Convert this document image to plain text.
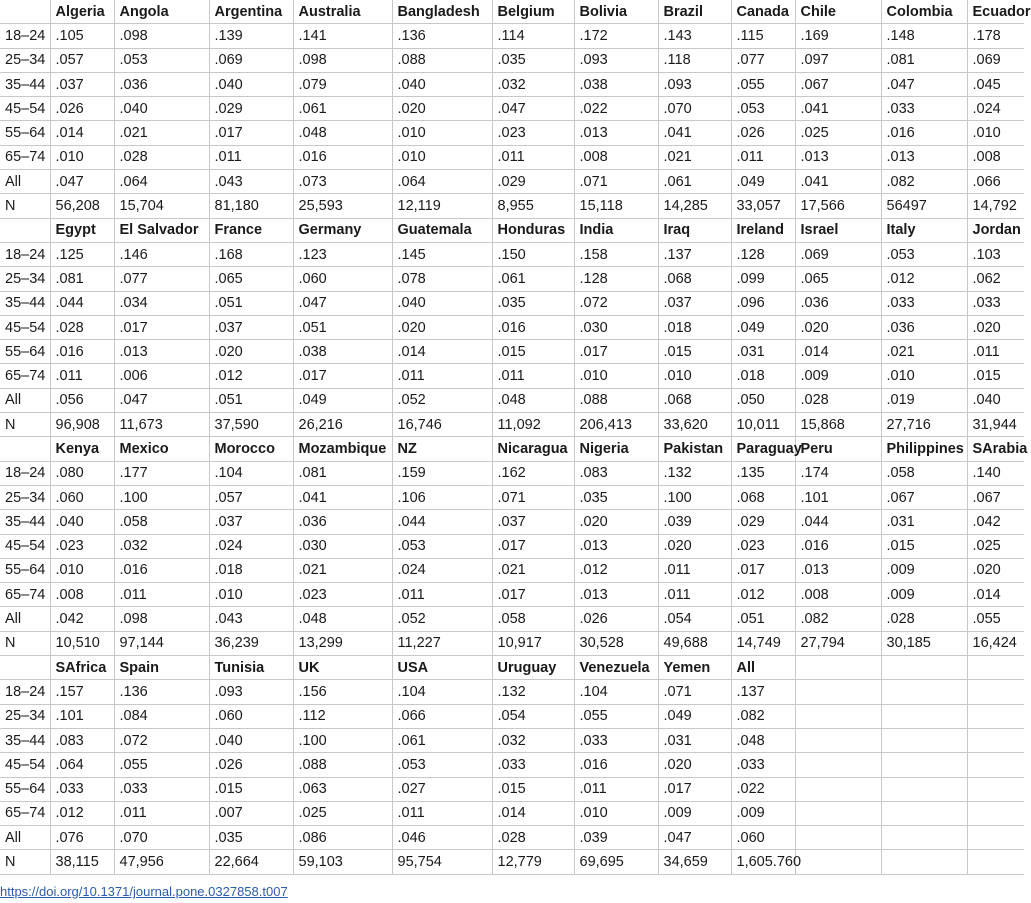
	Algeria	Angola	Argentina	Australia	Bangladesh	Belgium	Bolivia	Brazil	Canada	Chile	Colombia	Ecuador
18–24	.105	.098	.139	.141	.136	.114	.172	.143	.115	.169	.148	.178
25–34	.057	.053	.069	.098	.088	.035	.093	.118	.077	.097	.081	.069
35–44	.037	.036	.040	.079	.040	.032	.038	.093	.055	.067	.047	.045
45–54	.026	.040	.029	.061	.020	.047	.022	.070	.053	.041	.033	.024
55–64	.014	.021	.017	.048	.010	.023	.013	.041	.026	.025	.016	.010
65–74	.010	.028	.011	.016	.010	.011	.008	.021	.011	.013	.013	.008
All	.047	.064	.043	.073	.064	.029	.071	.061	.049	.041	.082	.066
N	56,208	15,704	81,180	25,593	12,119	8,955	15,118	14,285	33,057	17,566	56497	14,792
	Egypt	El Salvador	France	Germany	Guatemala	Honduras	India	Iraq	Ireland	Israel	Italy	Jordan
18–24	.125	.146	.168	.123	.145	.150	.158	.137	.128	.069	.053	.103
25–34	.081	.077	.065	.060	.078	.061	.128	.068	.099	.065	.012	.062
35–44	.044	.034	.051	.047	.040	.035	.072	.037	.096	.036	.033	.033
45–54	.028	.017	.037	.051	.020	.016	.030	.018	.049	.020	.036	.020
55–64	.016	.013	.020	.038	.014	.015	.017	.015	.031	.014	.021	.011
65–74	.011	.006	.012	.017	.011	.011	.010	.010	.018	.009	.010	.015
All	.056	.047	.051	.049	.052	.048	.088	.068	.050	.028	.019	.040
N	96,908	11,673	37,590	26,216	16,746	11,092	206,413	33,620	10,011	15,868	27,716	31,944
	Kenya	Mexico	Morocco	Mozambique	NZ	Nicaragua	Nigeria	Pakistan	Paraguay	Peru	Philippines	SArabia
18–24	.080	.177	.104	.081	.159	.162	.083	.132	.135	.174	.058	.140
25–34	.060	.100	.057	.041	.106	.071	.035	.100	.068	.101	.067	.067
35–44	.040	.058	.037	.036	.044	.037	.020	.039	.029	.044	.031	.042
45–54	.023	.032	.024	.030	.053	.017	.013	.020	.023	.016	.015	.025
55–64	.010	.016	.018	.021	.024	.021	.012	.011	.017	.013	.009	.020
65–74	.008	.011	.010	.023	.011	.017	.013	.011	.012	.008	.009	.014
All	.042	.098	.043	.048	.052	.058	.026	.054	.051	.082	.028	.055
N	10,510	97,144	36,239	13,299	11,227	10,917	30,528	49,688	14,749	27,794	30,185	16,424
	SAfrica	Spain	Tunisia	UK	USA	Uruguay	Venezuela	Yemen	All			
18–24	.157	.136	.093	.156	.104	.132	.104	.071	.137			
25–34	.101	.084	.060	.112	.066	.054	.055	.049	.082			
35–44	.083	.072	.040	.100	.061	.032	.033	.031	.048			
45–54	.064	.055	.026	.088	.053	.033	.016	.020	.033			
55–64	.033	.033	.015	.063	.027	.015	.011	.017	.022			
65–74	.012	.011	.007	.025	.011	.014	.010	.009	.009			
All	.076	.070	.035	.086	.046	.028	.039	.047	.060			
N	38,115	47,956	22,664	59,103	95,754	12,779	69,695	34,659	1,605.760			
https://doi.org/10.1371/journal.pone.0327858.t007
